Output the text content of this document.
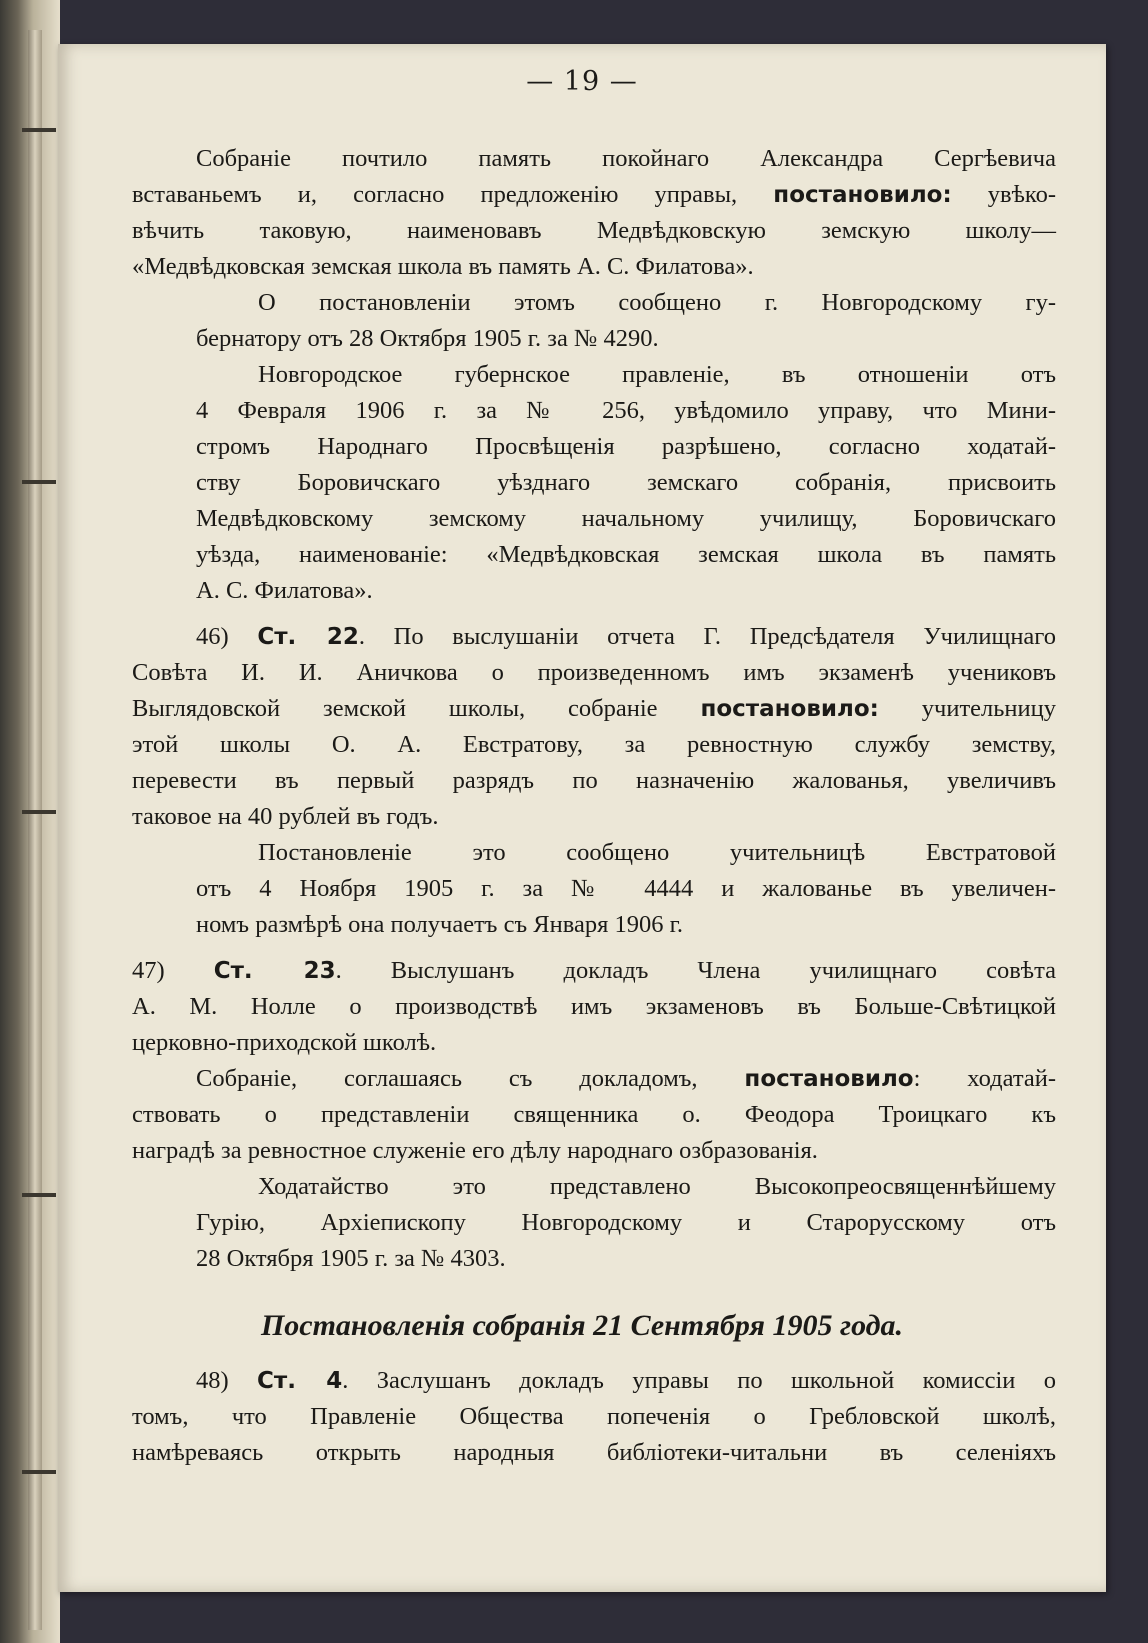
— 19 —
Собраніе почтило память покойнаго Александра Сергѣевича
вставаньемъ и, согласно предложенію управы, постановило: увѣко-
вѣчить таковую, наименовавъ Медвѣдковскую земскую школу—
«Медвѣдковская земская школа въ память А. С. Филатова».
О постановленіи этомъ сообщено г. Новгородскому гу-
бернатору отъ 28 Октября 1905 г. за № 4290.
Новгородское губернское правленіе, въ отношеніи отъ
4 Февраля 1906 г. за № 256, увѣдомило управу, что Мини-
стромъ Народнаго Просвѣщенія разрѣшено, согласно ходатай-
ству Боровичскаго уѣзднаго земскаго собранія, присвоить
Медвѣдковскому земскому начальному училищу, Боровичскаго
уѣзда, наименованіе: «Медвѣдковская земская школа въ память
А. С. Филатова».
46) Ст. 22. По выслушаніи отчета Г. Предсѣдателя Училищнаго
Совѣта И. И. Аничкова о произведенномъ имъ экзаменѣ учениковъ
Выглядовской земской школы, собраніе постановило: учительницу
этой школы О. А. Евстратову, за ревностную службу земству,
перевести въ первый разрядъ по назначенію жалованья, увеличивъ
таковое на 40 рублей въ годъ.
Постановленіе это сообщено учительницѣ Евстратовой
отъ 4 Ноября 1905 г. за № 4444 и жалованье въ увеличен-
номъ размѣрѣ она получаетъ съ Января 1906 г.
47) Ст. 23. Выслушанъ докладъ Члена училищнаго совѣта
А. М. Нолле о производствѣ имъ экзаменовъ въ Больше-Свѣтицкой
церковно-приходской школѣ.
Собраніе, соглашаясь съ докладомъ, постановило: ходатай-
ствовать о представленіи священника о. Феодора Троицкаго къ
наградѣ за ревностное служеніе его дѣлу народнаго озбразованія.
Ходатайство это представлено Высокопреосвященнѣйшему
Гурію, Архіепископу Новгородскому и Старорусскому отъ
28 Октября 1905 г. за № 4303.
Постановленія собранія 21 Сентября 1905 года.
48) Ст. 4. Заслушанъ докладъ управы по школьной комиссіи о
томъ, что Правленіе Общества попеченія о Гребловской школѣ,
намѣреваясь открыть народныя библіотеки-читальни въ селеніяхъ
